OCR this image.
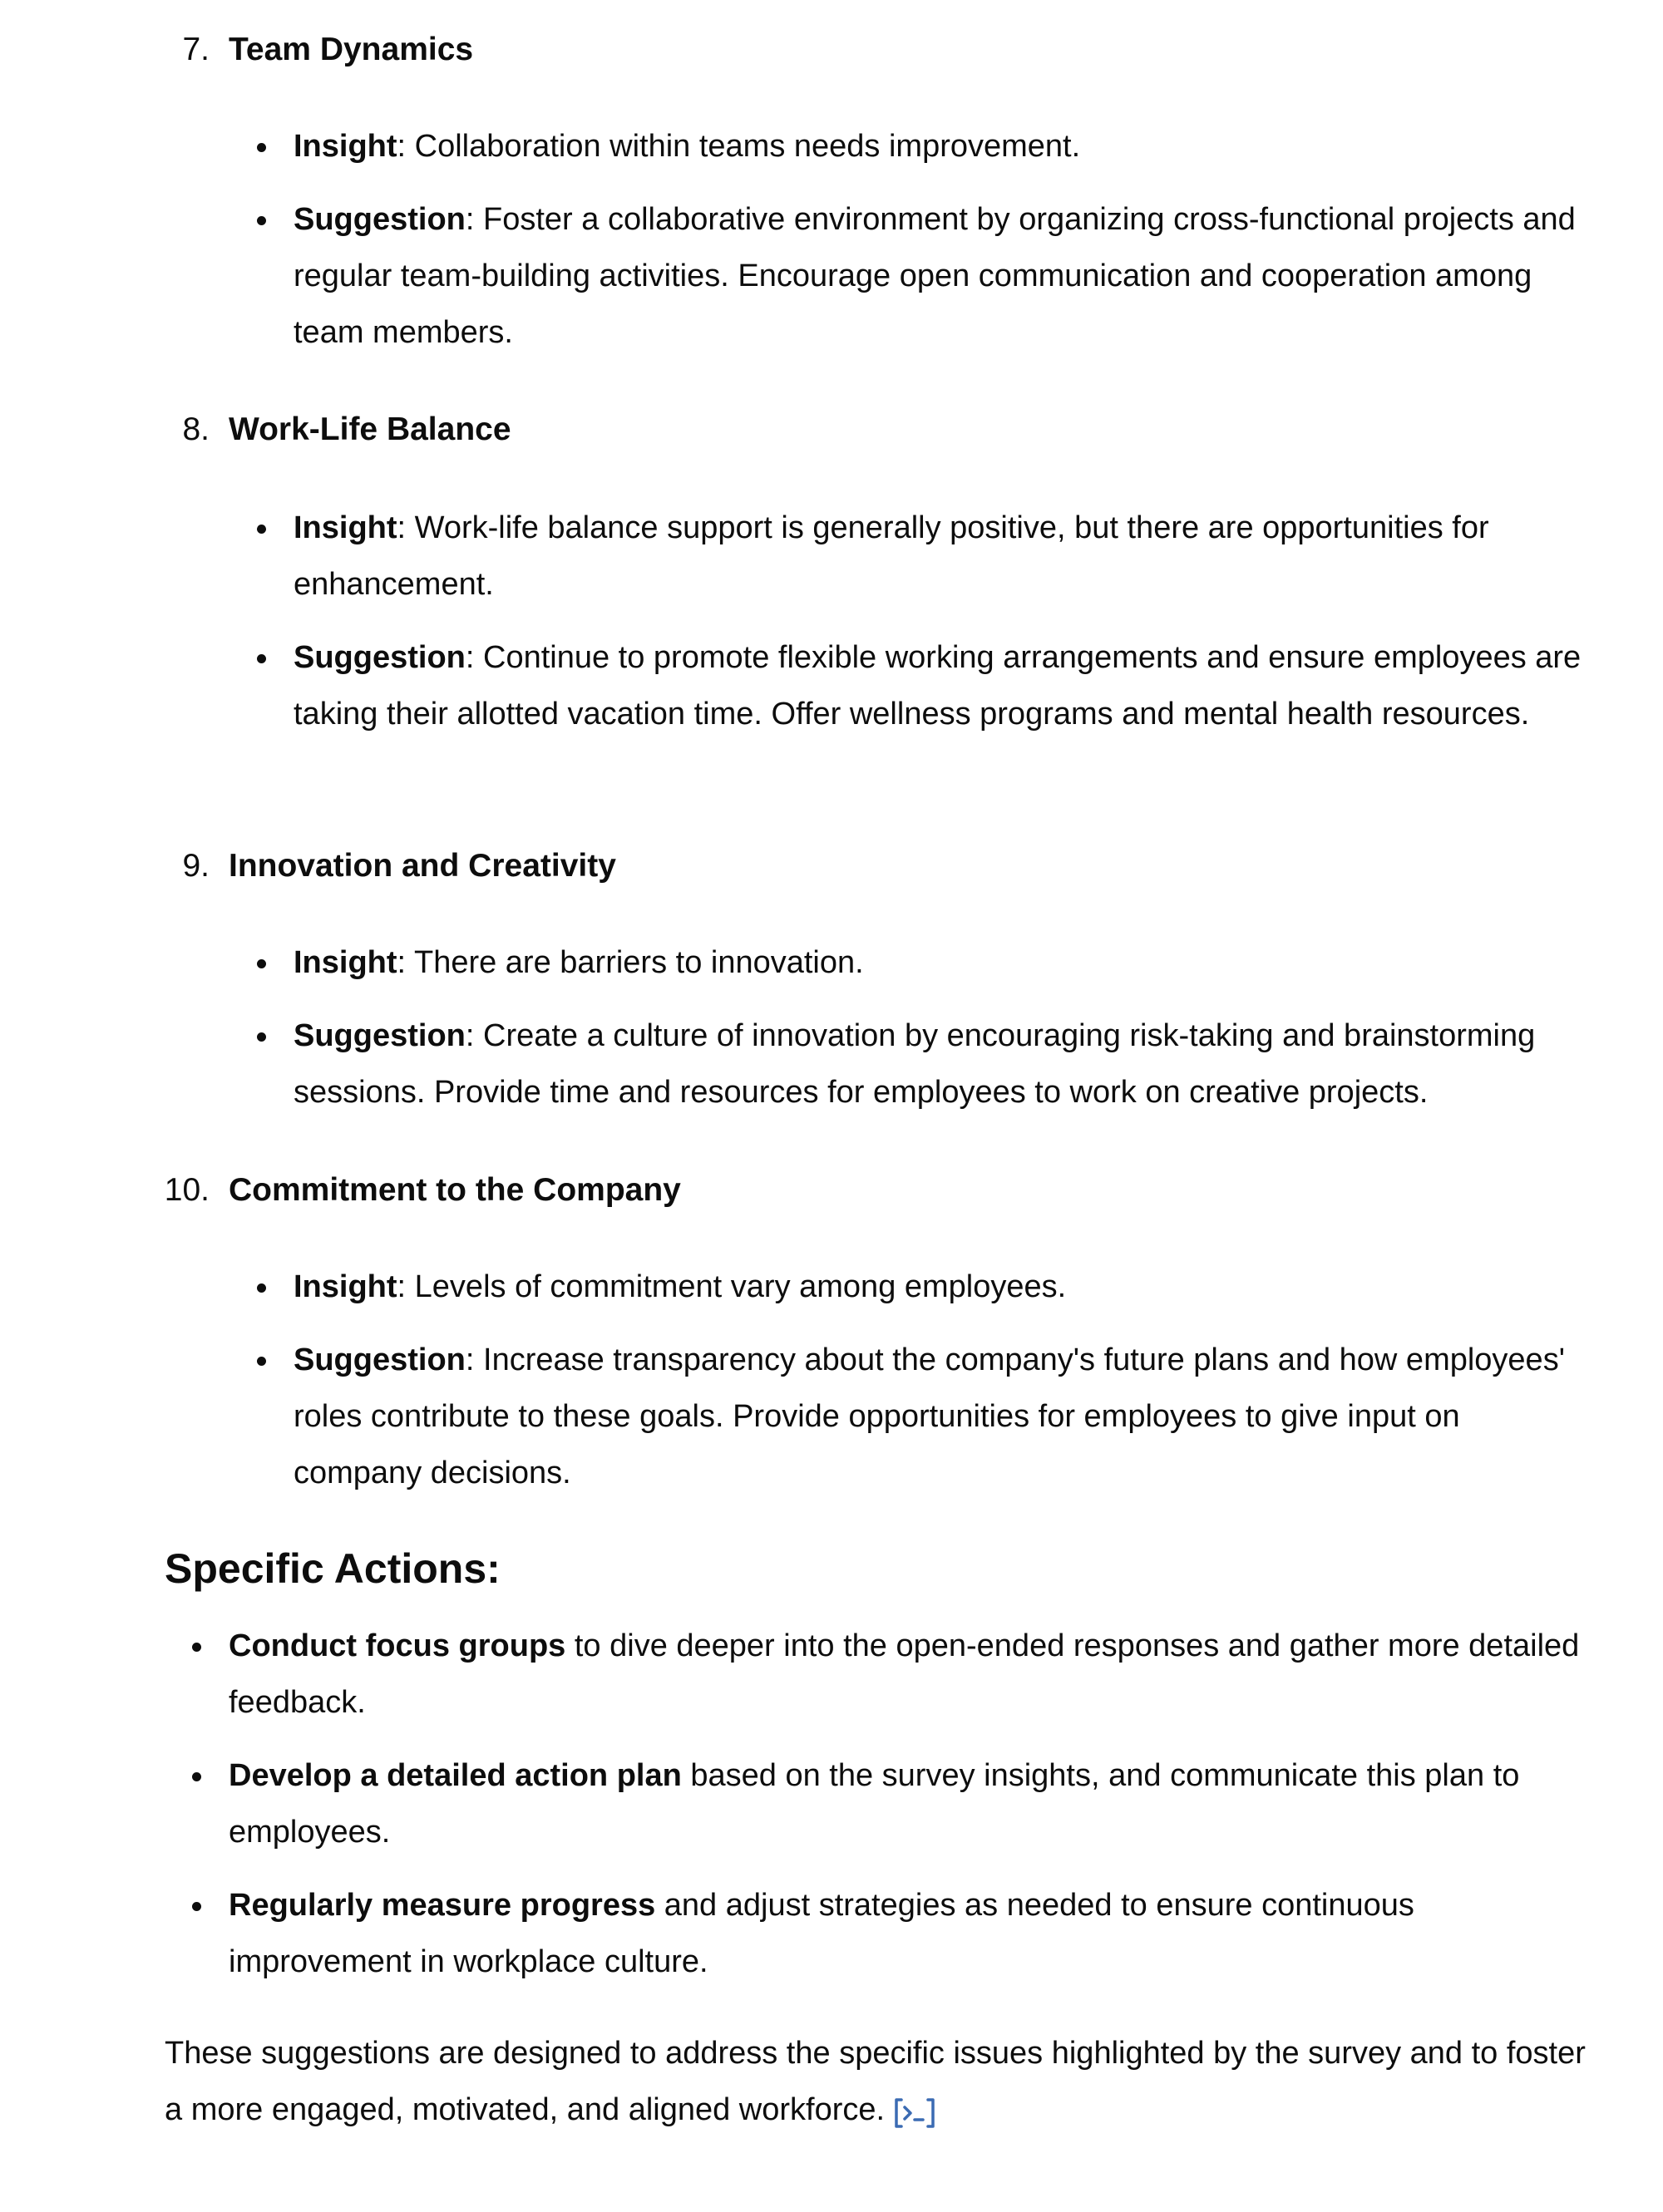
7. Team Dynamics
Insight: Collaboration within teams needs improvement.
Suggestion: Foster a collaborative environment by organizing cross-functional projects and regular team-building activities. Encourage open communication and cooperation among team members.
8. Work-Life Balance
Insight: Work-life balance support is generally positive, but there are opportunities for enhancement.
Suggestion: Continue to promote flexible working arrangements and ensure employees are taking their allotted vacation time. Offer wellness programs and mental health resources.
9. Innovation and Creativity
Insight: There are barriers to innovation.
Suggestion: Create a culture of innovation by encouraging risk-taking and brainstorming sessions. Provide time and resources for employees to work on creative projects.
10. Commitment to the Company
Insight: Levels of commitment vary among employees.
Suggestion: Increase transparency about the company's future plans and how employees' roles contribute to these goals. Provide opportunities for employees to give input on company decisions.
Specific Actions:
Conduct focus groups to dive deeper into the open-ended responses and gather more detailed feedback.
Develop a detailed action plan based on the survey insights, and communicate this plan to employees.
Regularly measure progress and adjust strategies as needed to ensure continuous improvement in workplace culture.

These suggestions are designed to address the specific issues highlighted by the survey and to foster a more engaged, motivated, and aligned workforce.
